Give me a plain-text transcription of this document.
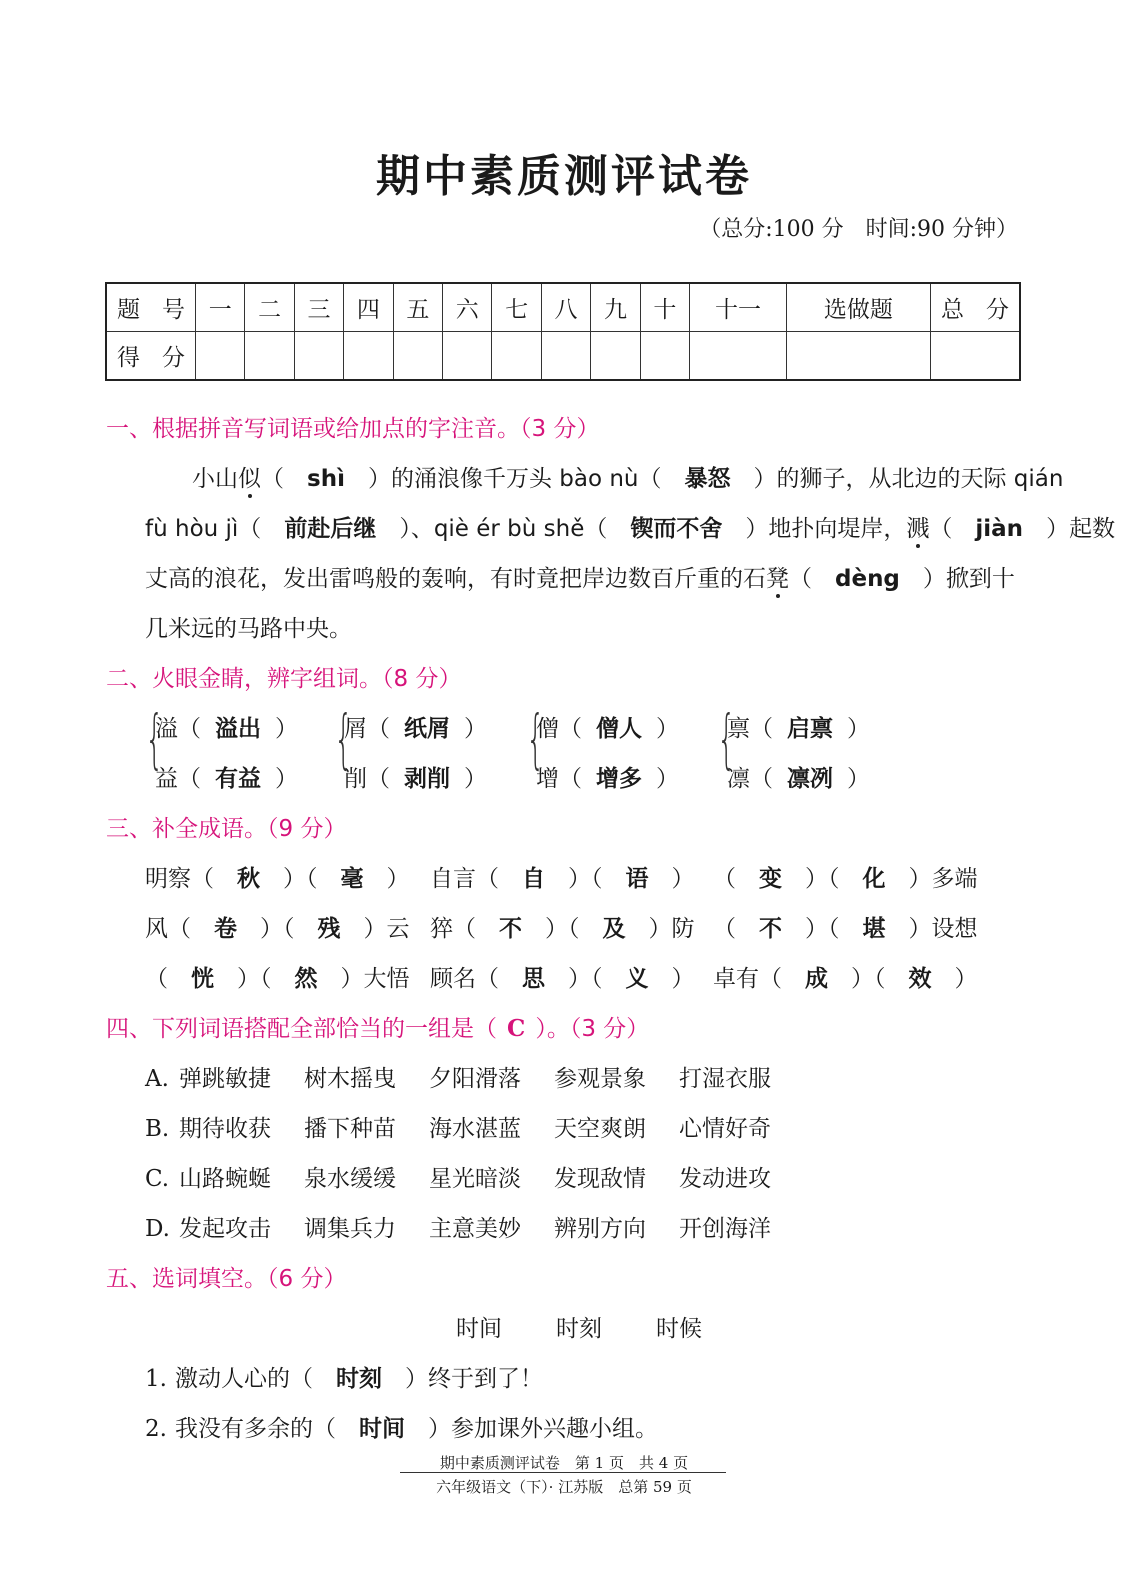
期中素质测评试卷
（总分:100 分　时间:90 分钟）
题号	一	二	三	四	五	六	七	八	九	十	十一	选做题	总分
得分													
一、根据拼音写词语或给加点的字注音。（3 分）
小山似（　shì　）的涌浪像千万头 bào nù（　暴怒　）的狮子，从北边的天际 qián
fù hòu jì（　前赴后继　）、qiè ér bù shě（　锲而不舍　）地扑向堤岸，溅（　jiàn　）起数
丈高的浪花，发出雷鸣般的轰响，有时竟把岸边数百斤重的石凳（　dèng　）掀到十
几米远的马路中央。
二、火眼金睛，辨字组词。（8 分）
{
溢（ 溢出 ）
益（ 有益 ）
{
屑（ 纸屑 ）
削（ 剥削 ）
{
僧（ 僧人 ）
增（ 增多 ）
{
禀（ 启禀 ）
凛（ 凛冽 ）
三、补全成语。（9 分）
明察（　秋　）（　毫　） 自言（　自　）（　语　） （　变　）（　化　）多端
风（　卷　）（　残　）云 猝（　不　）（　及　）防 （　不　）（　堪　）设想
（　恍　）（　然　）大悟 顾名（　思　）（　义　） 卓有（　成　）（　效　）
四、下列词语搭配全部恰当的一组是（ C ）。（3 分）
A. 弹跳敏捷 树木摇曳 夕阳滑落 参观景象 打湿衣服
B. 期待收获 播下种苗 海水湛蓝 天空爽朗 心情好奇
C. 山路蜿蜒 泉水缓缓 星光暗淡 发现敌情 发动进攻
D. 发起攻击 调集兵力 主意美妙 辨别方向 开创海洋
五、选词填空。（6 分）
时间 时刻 时候
1. 激动人心的（　时刻　）终于到了！
2. 我没有多余的（　时间　）参加课外兴趣小组。
期中素质测评试卷　第 1 页　共 4 页
六年级语文（下）· 江苏版　总第 59 页
